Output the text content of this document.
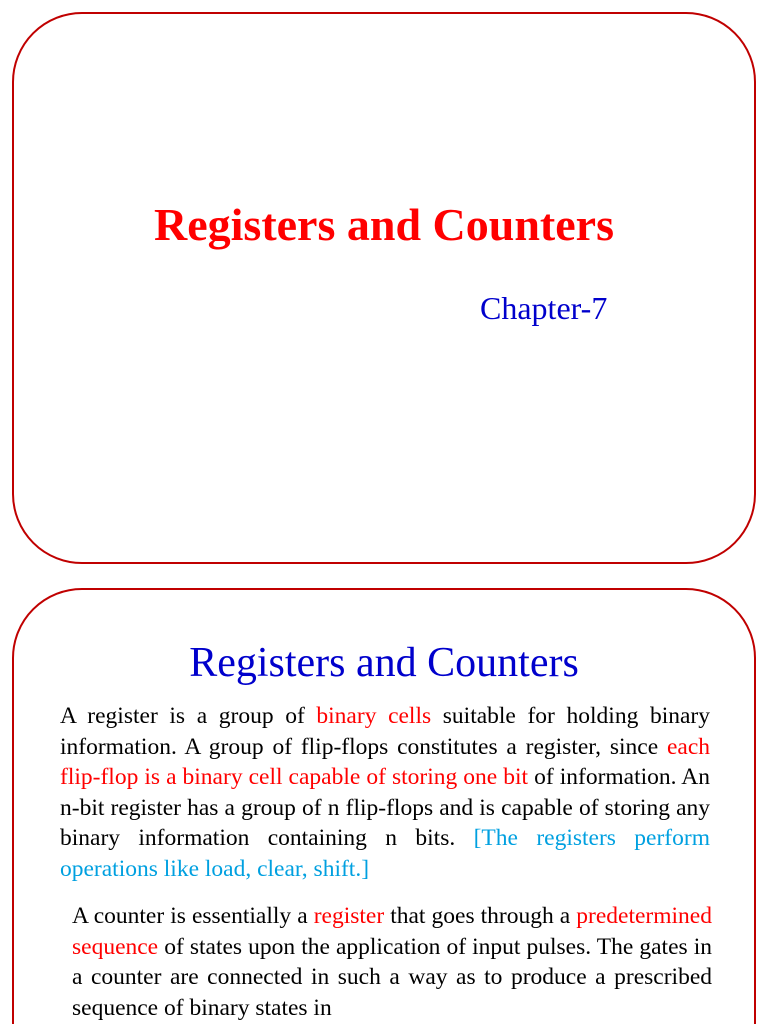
Registers and Counters
Chapter-7
Registers and Counters

A register is a group of binary cells suitable for holding binary information. A group of flip-flops constitutes a register, since each flip-flop is a binary cell capable of storing one bit of information. An n-bit register has a group of n flip-flops and is capable of storing any binary information containing n bits. [The registers perform operations like load, clear, shift.]

A counter is essentially a register that goes through a predetermined sequence of states upon the application of input pulses. The gates in a counter are connected in such a way as to produce a prescribed sequence of binary states in
